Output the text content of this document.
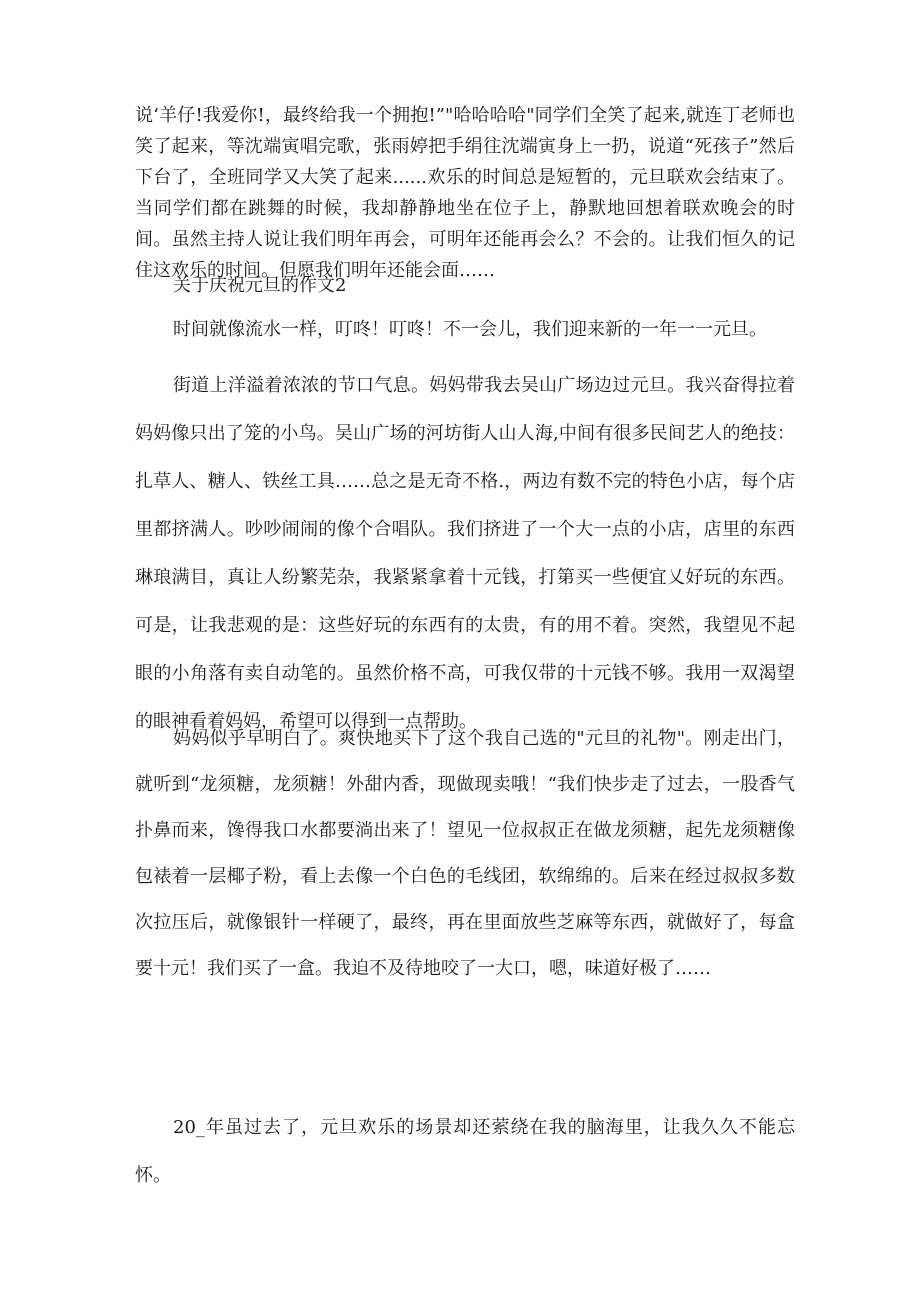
说‘羊仔!我爱你!，最终给我一个拥抱!”"哈哈哈哈"同学们全笑了起来,就连丁老师也笑了起来，等沈端寅唱完歌，张雨婷把手绢往沈端寅身上一扔，说道“死孩子”然后下台了，全班同学又大笑了起来......欢乐的时间总是短暂的，元旦联欢会结束了。当同学们都在跳舞的时候，我却静静地坐在位子上，静默地回想着联欢晚会的时间。虽然主持人说让我们明年再会，可明年还能再会么？不会的。让我们恒久的记住这欢乐的时间。但愿我们明年还能会面……

关于庆祝元旦的作文2

时间就像流水一样，叮咚！叮咚！不一会儿，我们迎来新的一年一一元旦。

街道上洋溢着浓浓的节口气息。妈妈带我去吴山广场边过元旦。我兴奋得拉着妈妈像只出了笼的小鸟。吴山广场的河坊街人山人海,中间有很多民间艺人的绝技：扎草人、糖人、铁丝工具……总之是无奇不格.，两边有数不完的特色小店，每个店里都挤满人。吵吵闹闹的像个合唱队。我们挤进了一个大一点的小店，店里的东西琳琅满目，真让人纷繁芜杂，我紧紧拿着十元钱，打第买一些便宜乂好玩的东西。可是，让我悲观的是：这些好玩的东西有的太贵，有的用不着。突然，我望见不起眼的小角落有卖自动笔的。虽然价格不高，可我仅带的十元钱不够。我用一双渴望的眼神看着妈妈，希望可以得到一点帮助。

妈妈似乎早明白了。爽快地买下了这个我自己选的"元旦的礼物"。刚走出门，就听到“龙须糖，龙须糖！外甜内香，现做现卖哦！“我们快步走了过去，一股香气扑鼻而来，馋得我口水都要淌出来了！望见一位叔叔正在做龙须糖，起先龙须糖像包裱着一层椰子粉，看上去像一个白色的毛线团，软绵绵的。后来在经过叔叔多数次拉压后，就像银针一样硬了，最终，再在里面放些芝麻等东西，就做好了，每盒要十元！我们买了一盒。我迫不及待地咬了一大口，嗯，味道好极了……

20_年虽过去了，元旦欢乐的场景却还萦绕在我的脑海里，让我久久不能忘怀。
